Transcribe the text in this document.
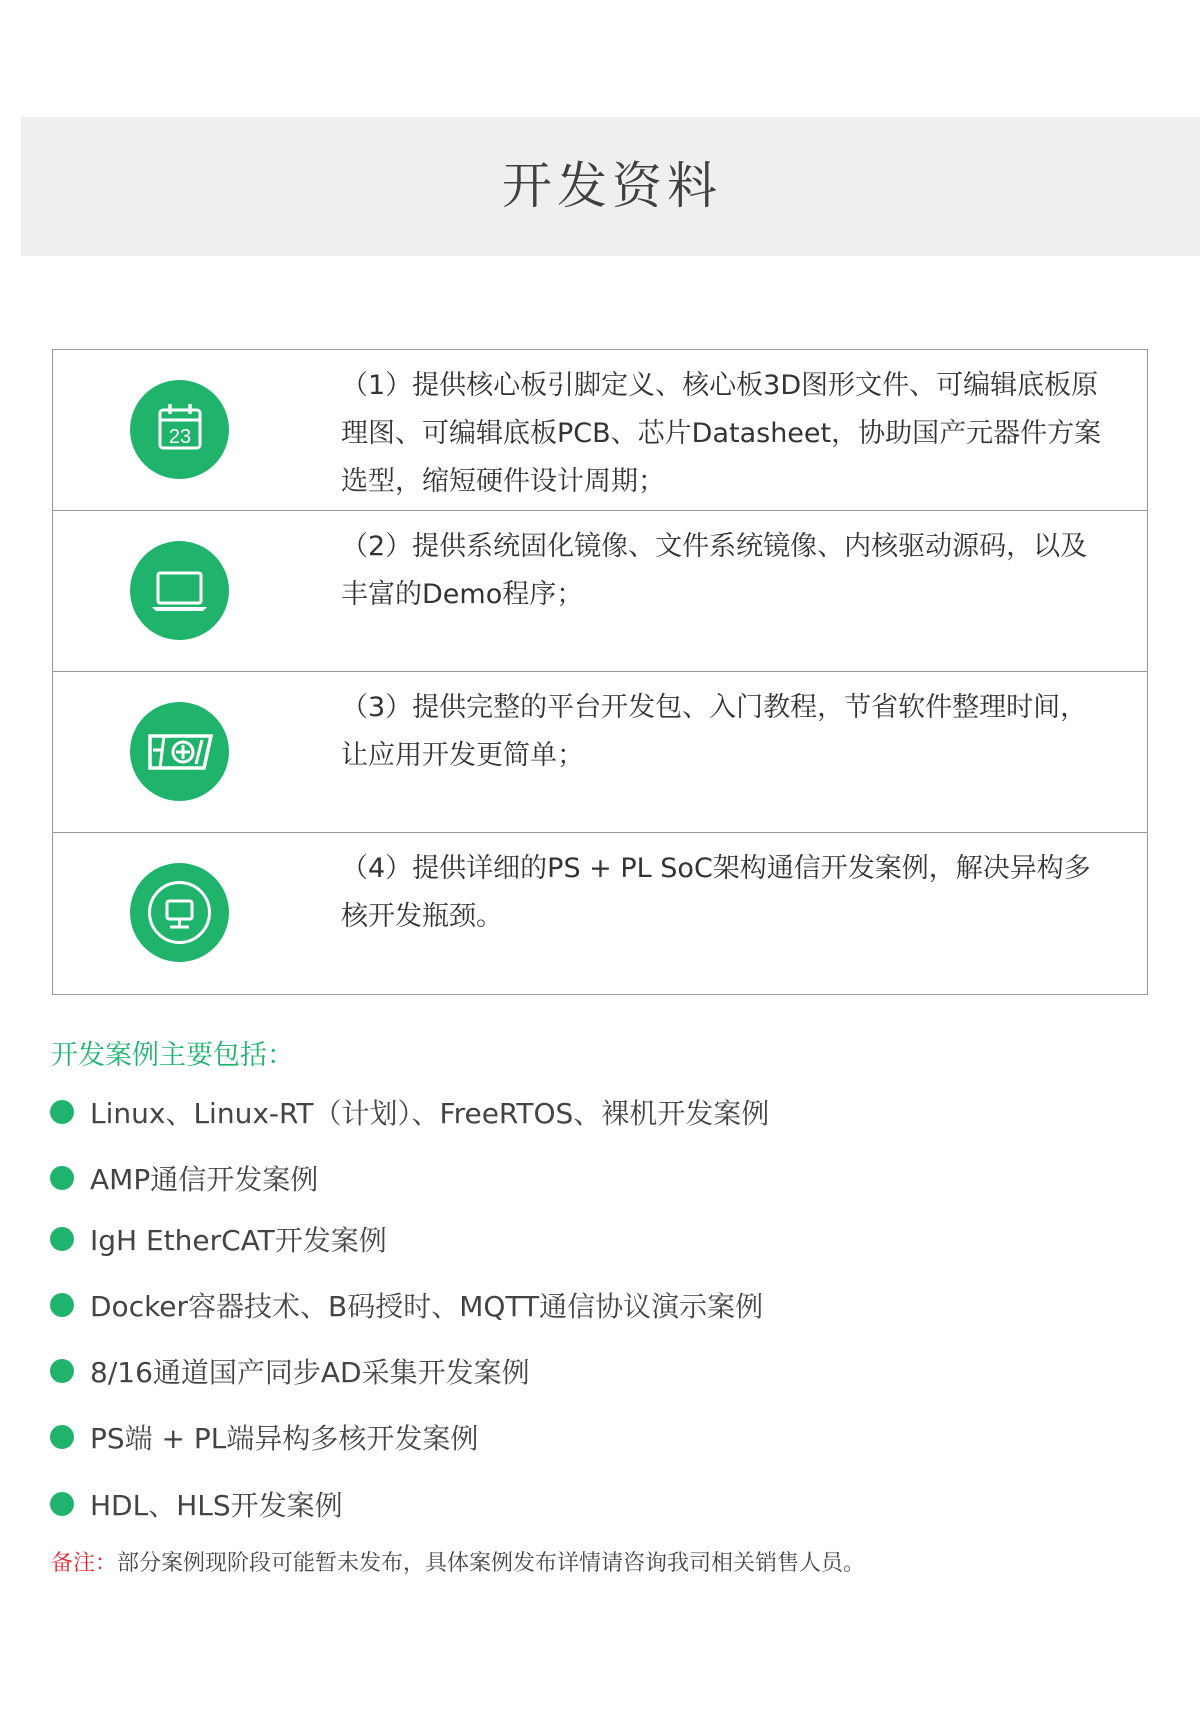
开发资料
23
（1）提供核心板引脚定义、核心板3D图形文件、可编辑底板原理图、可编辑底板PCB、芯片Datasheet，协助国产元器件方案选型，缩短硬件设计周期；
（2）提供系统固化镜像、文件系统镜像、内核驱动源码，以及丰富的Demo程序；
（3）提供完整的平台开发包、入门教程，节省软件整理时间，让应用开发更简单；
（4）提供详细的PS + PL SoC架构通信开发案例，解决异构多核开发瓶颈。
开发案例主要包括：
Linux、Linux-RT（计划）、FreeRTOS、裸机开发案例
AMP通信开发案例
IgH EtherCAT开发案例
Docker容器技术、B码授时、MQTT通信协议演示案例
8/16通道国产同步AD采集开发案例
PS端 + PL端异构多核开发案例
HDL、HLS开发案例
备注：部分案例现阶段可能暂未发布，具体案例发布详情请咨询我司相关销售人员。
